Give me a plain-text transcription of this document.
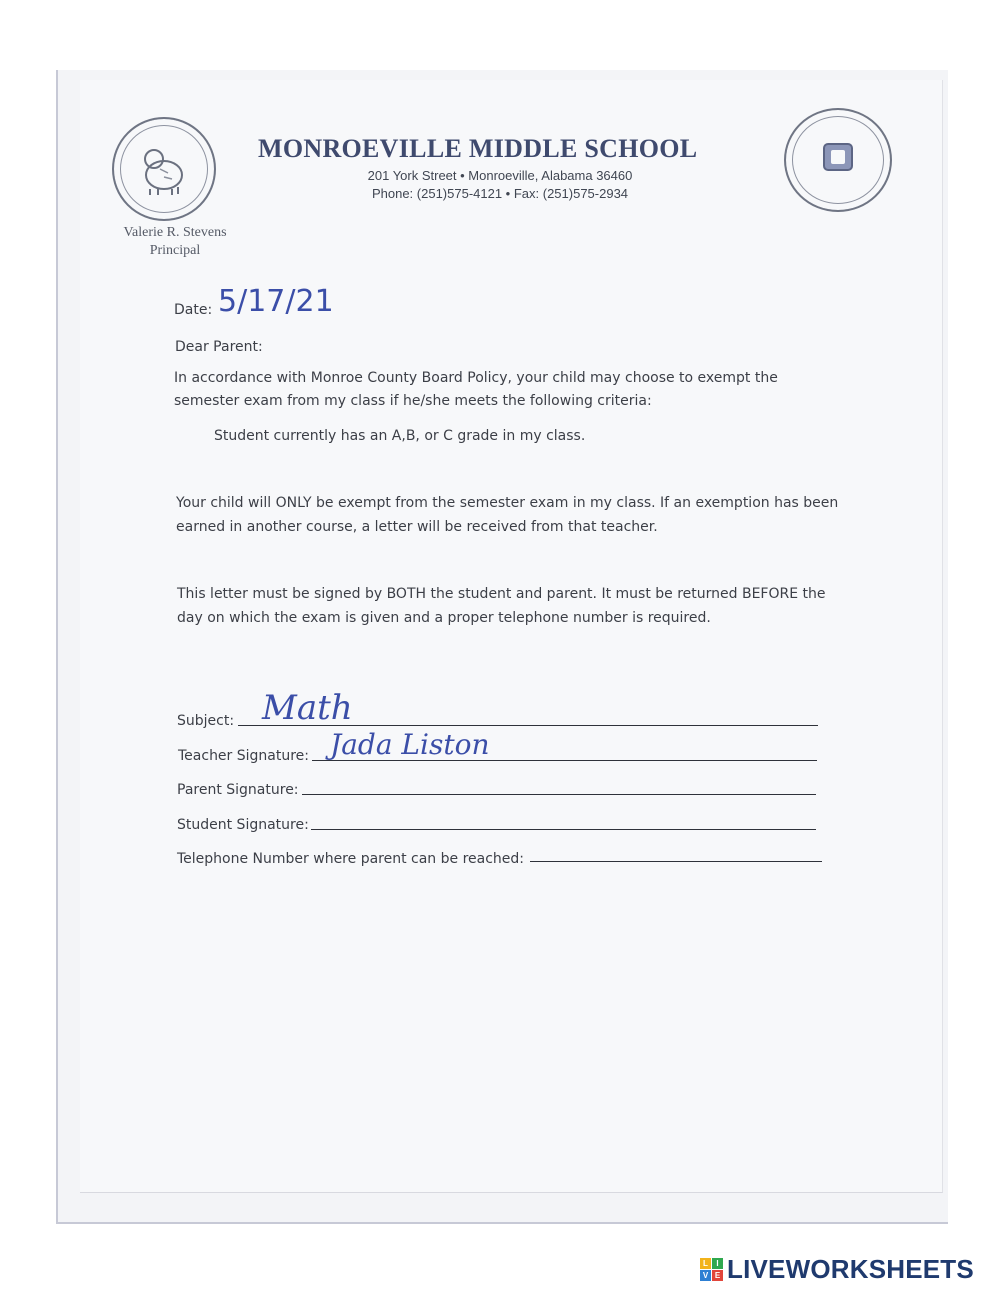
MONROEVILLE MIDDLE SCHOOL
201 York Street • Monroeville, Alabama 36460
Phone: (251)575-4121 • Fax: (251)575-2934
Valerie R. Stevens
Principal
Date: 5/17/21
Dear Parent:
In accordance with Monroe County Board Policy, your child may choose to exempt the
semester exam from my class if he/she meets the following criteria:
Student currently has an A,B, or C grade in my class.
Your child will ONLY be exempt from the semester exam in my class. If an exemption has been
earned in another course, a letter will be received from that teacher.
This letter must be signed by BOTH the student and parent. It must be returned BEFORE the
day on which the exam is given and a proper telephone number is required.
Subject: Math
Teacher Signature: Jada Liston
Parent Signature:
Student Signature:
Telephone Number where parent can be reached:
L	I
V E LIVEWORKSHEETS
